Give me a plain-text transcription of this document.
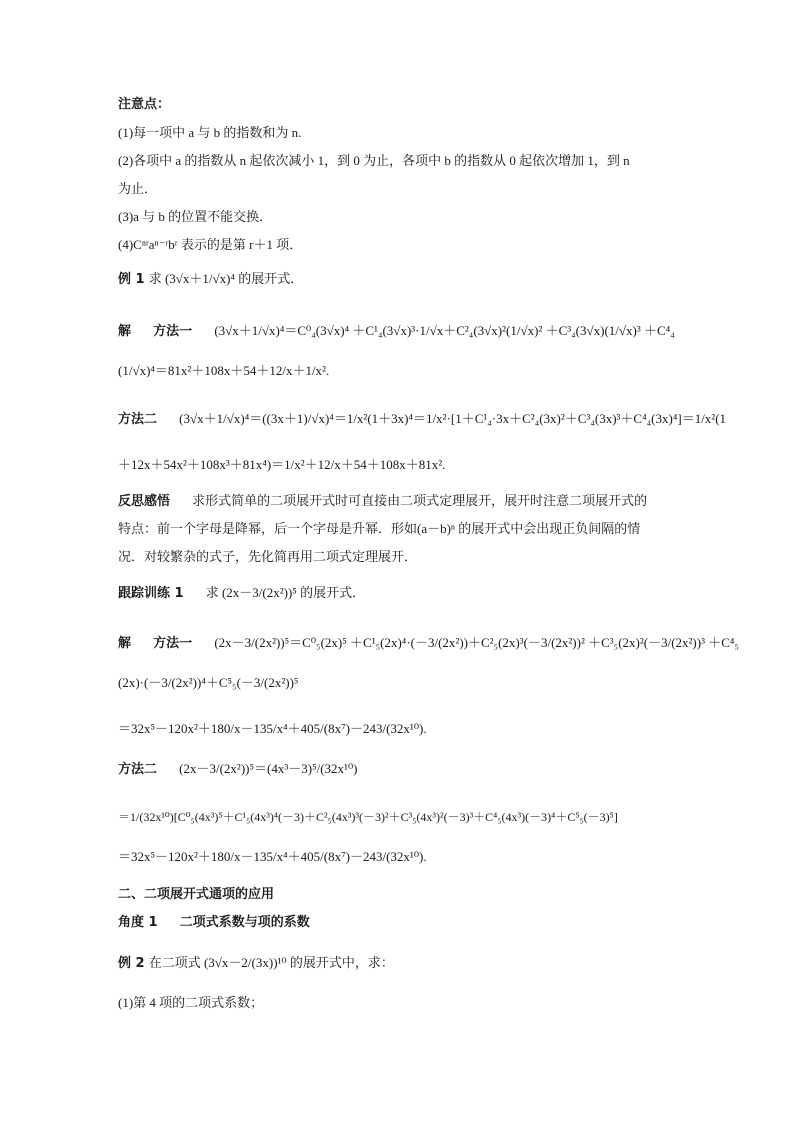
注意点：
(1)每一项中 a 与 b 的指数和为 n.
(2)各项中 a 的指数从 n 起依次减小 1，到 0 为止，各项中 b 的指数从 0 起依次增加 1，到 n
为止．
(3)a 与 b 的位置不能交换．
(4)Cⁿʳaⁿ⁻ʳbʳ 表示的是第 r＋1 项．
例 1 求 (3√x＋1/√x)⁴ 的展开式．
解 方法一 (3√x＋1/√x)⁴＝C⁰₄(3√x)⁴ ＋C¹₄(3√x)³·1/√x＋C²₄(3√x)²(1/√x)² ＋C³₄(3√x)(1/√x)³ ＋C⁴₄
(1/√x)⁴＝81x²＋108x＋54＋12/x＋1/x².
方法二 (3√x＋1/√x)⁴＝((3x＋1)/√x)⁴＝1/x²(1＋3x)⁴＝1/x²·[1＋C¹₄·3x＋C²₄(3x)²＋C³₄(3x)³＋C⁴₄(3x)⁴]＝1/x²(1
＋12x＋54x²＋108x³＋81x⁴)＝1/x²＋12/x＋54＋108x＋81x².
反思感悟 求形式简单的二项展开式时可直接由二项式定理展开，展开时注意二项展开式的
特点：前一个字母是降幂，后一个字母是升幂．形如(a－b)ⁿ 的展开式中会出现正负间隔的情
况．对较繁杂的式子，先化简再用二项式定理展开．
跟踪训练 1 求 (2x－3/(2x²))⁵ 的展开式．
解 方法一 (2x－3/(2x²))⁵＝C⁰₅(2x)⁵ ＋C¹₅(2x)⁴·(－3/(2x²))＋C²₅(2x)³(－3/(2x²))² ＋C³₅(2x)²(－3/(2x²))³ ＋C⁴₅
(2x)·(－3/(2x²))⁴＋C⁵₅(－3/(2x²))⁵
＝32x⁵－120x²＋180/x－135/x⁴＋405/(8x⁷)－243/(32x¹⁰).
方法二 (2x－3/(2x²))⁵＝(4x³－3)⁵/(32x¹⁰)
＝1/(32x¹⁰)[C⁰₅(4x³)⁵＋C¹₅(4x³)⁴(－3)＋C²₅(4x³)³(－3)²＋C³₅(4x³)²(－3)³＋C⁴₅(4x³)(－3)⁴＋C⁵₅(－3)⁵]
＝32x⁵－120x²＋180/x－135/x⁴＋405/(8x⁷)－243/(32x¹⁰).
二、二项展开式通项的应用
角度 1 二项式系数与项的系数
例 2 在二项式 (3√x－2/(3x))¹⁰ 的展开式中，求：
(1)第 4 项的二项式系数；
